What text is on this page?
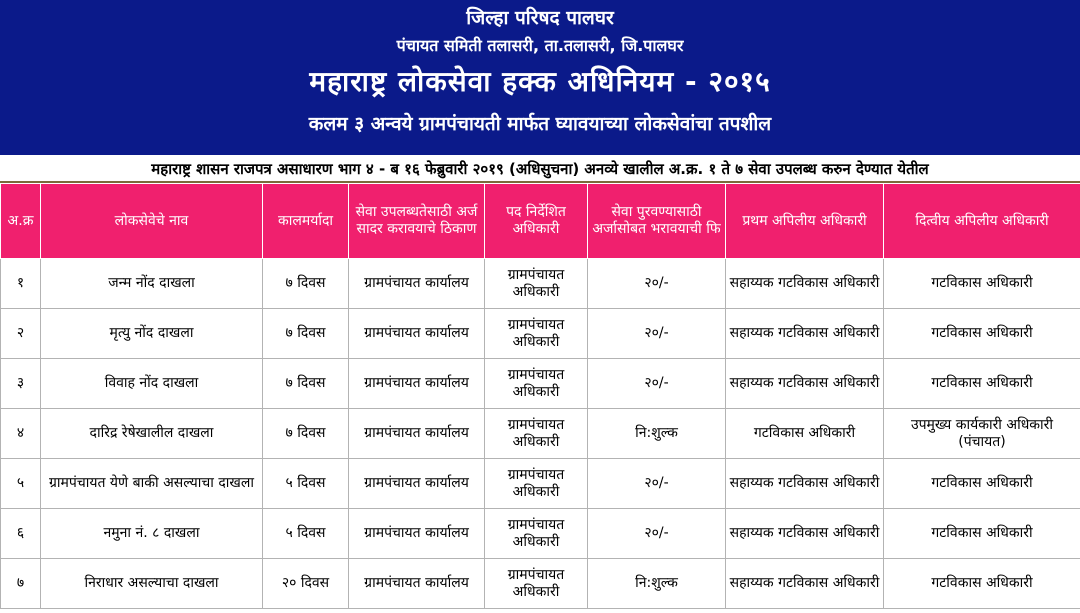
जिल्हा परिषद पालघर
पंचायत समिती तलासरी, ता.तलासरी, जि.पालघर
महाराष्ट्र लोकसेवा हक्क अधिनियम - २०१५
कलम ३ अन्वये ग्रामपंचायती मार्फत घ्यावयाच्या लोकसेवांचा तपशील
महाराष्ट्र शासन राजपत्र असाधारण भाग ४ - ब १६ फेब्रुवारी २०१९ (अधिसुचना) अनव्ये खालील अ.क्र. १ ते ७ सेवा उपलब्ध करुन देण्यात येतील
अ.क्र	लोकसेवेचे नाव	कालमर्यादा	सेवा उपलब्धतेसाठी अर्ज सादर करावयाचे ठिकाण	पद निर्देशित अधिकारी	सेवा पुरवण्यासाठी अर्जासोबत भरावयाची फि	प्रथम अपिलीय अधिकारी	दित्वीय अपिलीय अधिकारी
१	जन्म नोंद दाखला	७ दिवस	ग्रामपंचायत कार्यालय	ग्रामपंचायत अधिकारी	२०/-	सहाय्यक गटविकास अधिकारी	गटविकास अधिकारी
२	मृत्यु नोंद दाखला	७ दिवस	ग्रामपंचायत कार्यालय	ग्रामपंचायत अधिकारी	२०/-	सहाय्यक गटविकास अधिकारी	गटविकास अधिकारी
३	विवाह नोंद दाखला	७ दिवस	ग्रामपंचायत कार्यालय	ग्रामपंचायत अधिकारी	२०/-	सहाय्यक गटविकास अधिकारी	गटविकास अधिकारी
४	दारिद्र रेषेखालील दाखला	७ दिवस	ग्रामपंचायत कार्यालय	ग्रामपंचायत अधिकारी	नि:शुल्क	गटविकास अधिकारी	उपमुख्य कार्यकारी अधिकारी (पंचायत)
५	ग्रामपंचायत येणे बाकी असल्याचा दाखला	५ दिवस	ग्रामपंचायत कार्यालय	ग्रामपंचायत अधिकारी	२०/-	सहाय्यक गटविकास अधिकारी	गटविकास अधिकारी
६	नमुना नं. ८ दाखला	५ दिवस	ग्रामपंचायत कार्यालय	ग्रामपंचायत अधिकारी	२०/-	सहाय्यक गटविकास अधिकारी	गटविकास अधिकारी
७	निराधार असल्याचा दाखला	२० दिवस	ग्रामपंचायत कार्यालय	ग्रामपंचायत अधिकारी	नि:शुल्क	सहाय्यक गटविकास अधिकारी	गटविकास अधिकारी
